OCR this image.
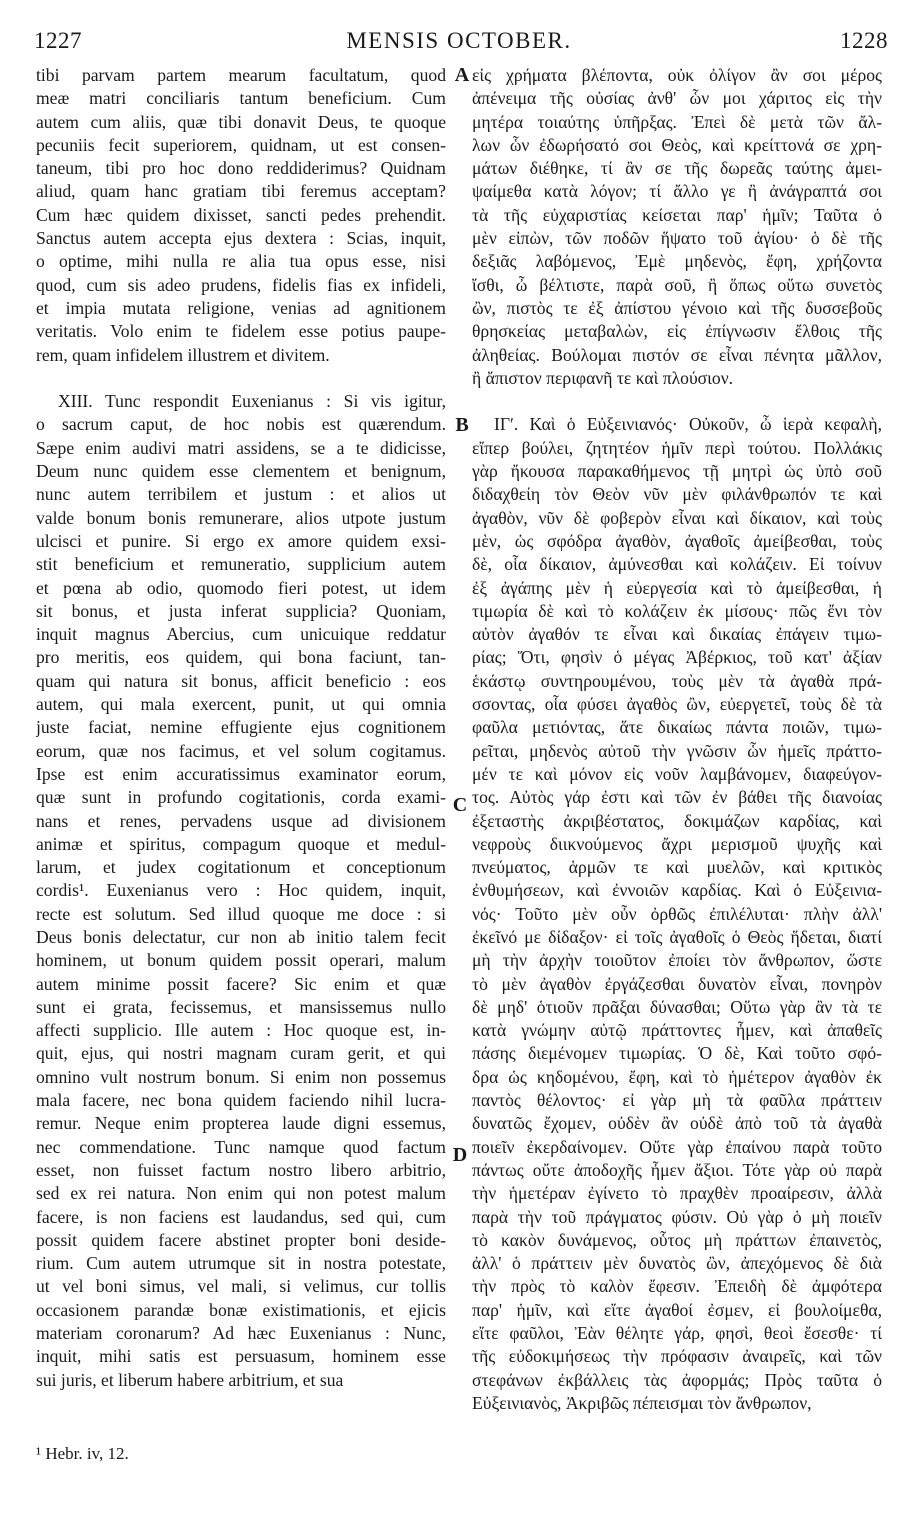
1227	MENSIS OCTOBER.	1228
tibi parvam partem mearum facultatum, quod
meæ matri conciliaris tantum beneficium. Cum
autem cum aliis, quæ tibi donavit Deus, te quoque
pecuniis fecit superiorem, quidnam, ut est consen-
taneum, tibi pro hoc dono reddiderimus? Quidnam
aliud, quam hanc gratiam tibi feremus acceptam?
Cum hæc quidem dixisset, sancti pedes prehendit.
Sanctus autem accepta ejus dextera : Scias, inquit,
o optime, mihi nulla re alia tua opus esse, nisi
quod, cum sis adeo prudens, fidelis fias ex infideli,
et impia mutata religione, venias ad agnitionem
veritatis. Volo enim te fidelem esse potius paupe-
rem, quam infidelem illustrem et divitem.
XIII. Tunc respondit Euxenianus : Si vis igitur,
o sacrum caput, de hoc nobis est quærendum.
Sæpe enim audivi matri assidens, se a te didicisse,
Deum nunc quidem esse clementem et benignum,
nunc autem terribilem et justum : et alios ut
valde bonum bonis remunerare, alios utpote justum
ulcisci et punire. Si ergo ex amore quidem exsi-
stit beneficium et remuneratio, supplicium autem
et pœna ab odio, quomodo fieri potest, ut idem
sit bonus, et justa inferat supplicia? Quoniam,
inquit magnus Abercius, cum unicuique reddatur
pro meritis, eos quidem, qui bona faciunt, tan-
quam qui natura sit bonus, afficit beneficio : eos
autem, qui mala exercent, punit, ut qui omnia
juste faciat, nemine effugiente ejus cognitionem
eorum, quæ nos facimus, et vel solum cogitamus.
Ipse est enim accuratissimus examinator eorum,
quæ sunt in profundo cogitationis, corda exami-
nans et renes, pervadens usque ad divisionem
animæ et spiritus, compagum quoque et medul-
larum, et judex cogitationum et conceptionum
cordis¹. Euxenianus vero : Hoc quidem, inquit,
recte est solutum. Sed illud quoque me doce : si
Deus bonis delectatur, cur non ab initio talem fecit
hominem, ut bonum quidem possit operari, malum
autem minime possit facere? Sic enim et quæ
sunt ei grata, fecissemus, et mansissemus nullo
affecti supplicio. Ille autem : Hoc quoque est, in-
quit, ejus, qui nostri magnam curam gerit, et qui
omnino vult nostrum bonum. Si enim non possemus
mala facere, nec bona quidem faciendo nihil lucra-
remur. Neque enim propterea laude digni essemus,
nec commendatione. Tunc namque quod factum
esset, non fuisset factum nostro libero arbitrio,
sed ex rei natura. Non enim qui non potest malum
facere, is non faciens est laudandus, sed qui, cum
possit quidem facere abstinet propter boni deside-
rium. Cum autem utrumque sit in nostra potestate,
ut vel boni simus, vel mali, si velimus, cur tollis
occasionem parandæ bonæ existimationis, et ejicis
materiam coronarum? Ad hæc Euxenianus : Nunc,
inquit, mihi satis est persuasum, hominem esse
sui juris, et liberum habere arbitrium, et sua
εἰς χρήματα βλέποντα, οὐκ ὀλίγον ἂν σοι μέρος
ἀπένειμα τῆς οὐσίας ἀνθ' ὧν μοι χάριτος εἰς τὴν
μητέρα τοιαύτης ὑπῆρξας. Ἐπεὶ δὲ μετὰ τῶν ἄλ-
λων ὧν ἐδωρήσατό σοι Θεὸς, καὶ κρείττονά σε χρη-
μάτων διέθηκε, τί ἂν σε τῆς δωρεᾶς ταύτης ἀμει-
ψαίμεθα κατὰ λόγον; τί ἄλλο γε ἢ ἀνάγραπτά σοι
τὰ τῆς εὐχαριστίας κείσεται παρ' ἡμῖν; Ταῦτα ὁ
μὲν εἰπὼν, τῶν ποδῶν ἥψατο τοῦ ἁγίου· ὁ δὲ τῆς
δεξιᾶς λαβόμενος, Ἐμὲ μηδενὸς, ἔφη, χρήζοντα
ἴσθι, ὦ βέλτιστε, παρὰ σοῦ, ἢ ὅπως οὕτω συνετὸς
ὢν, πιστὸς τε ἐξ ἀπίστου γένοιο καὶ τῆς δυσσεβοῦς
θρησκείας μεταβαλὼν, εἰς ἐπίγνωσιν ἔλθοις τῆς
ἀληθείας. Βούλομαι πιστόν σε εἶναι πένητα μᾶλλον,
ἢ ἄπιστον περιφανῆ τε καὶ πλούσιον.
ΙΓʹ. Καὶ ὁ Εὐξεινιανός· Οὐκοῦν, ὦ ἱερὰ κεφαλὴ,
εἴπερ βούλει, ζητητέον ἡμῖν περὶ τούτου. Πολλάκις
γὰρ ἤκουσα παρακαθήμενος τῇ μητρὶ ὡς ὑπὸ σοῦ
διδαχθείη τὸν Θεὸν νῦν μὲν φιλάνθρωπόν τε καὶ
ἀγαθὸν, νῦν δὲ φοβερὸν εἶναι καὶ δίκαιον, καὶ τοὺς
μὲν, ὡς σφόδρα ἀγαθὸν, ἀγαθοῖς ἀμείβεσθαι, τοὺς
δὲ, οἷα δίκαιον, ἀμύνεσθαι καὶ κολάζειν. Εἰ τοίνυν
ἐξ ἀγάπης μὲν ἡ εὐεργεσία καὶ τὸ ἀμείβεσθαι, ἡ
τιμωρία δὲ καὶ τὸ κολάζειν ἐκ μίσους· πῶς ἔνι τὸν
αὐτὸν ἀγαθόν τε εἶναι καὶ δικαίας ἐπάγειν τιμω-
ρίας; Ὅτι, φησὶν ὁ μέγας Ἀβέρκιος, τοῦ κατ' ἀξίαν
ἑκάστῳ συντηρουμένου, τοὺς μὲν τὰ ἀγαθὰ πρά-
σσοντας, οἷα φύσει ἀγαθὸς ὢν, εὐεργετεῖ, τοὺς δὲ τὰ
φαῦλα μετιόντας, ἅτε δικαίως πάντα ποιῶν, τιμω-
ρεῖται, μηδενὸς αὐτοῦ τὴν γνῶσιν ὧν ἡμεῖς πράττο-
μέν τε καὶ μόνον εἰς νοῦν λαμβάνομεν, διαφεύγον-
τος. Αὐτὸς γάρ ἐστι καὶ τῶν ἐν βάθει τῆς διανοίας
ἐξεταστὴς ἀκριβέστατος, δοκιμάζων καρδίας, καὶ
νεφροὺς διικνούμενος ἄχρι μερισμοῦ ψυχῆς καὶ
πνεύματος, ἁρμῶν τε καὶ μυελῶν, καὶ κριτικὸς
ἐνθυμήσεων, καὶ ἐννοιῶν καρδίας. Καὶ ὁ Εὐξεινια-
νός· Τοῦτο μὲν οὖν ὀρθῶς ἐπιλέλυται· πλὴν ἀλλ'
ἐκεῖνό με δίδαξον· εἰ τοῖς ἀγαθοῖς ὁ Θεὸς ἥδεται, διατί
μὴ τὴν ἀρχὴν τοιοῦτον ἐποίει τὸν ἄνθρωπον, ὥστε
τὸ μὲν ἀγαθὸν ἐργάζεσθαι δυνατὸν εἶναι, πονηρὸν
δὲ μηδ' ὁτιοῦν πρᾶξαι δύνασθαι; Οὕτω γὰρ ἂν τὰ τε
κατὰ γνώμην αὐτῷ πράττοντες ἦμεν, καὶ ἀπαθεῖς
πάσης διεμένομεν τιμωρίας. Ὁ δὲ, Καὶ τοῦτο σφό-
δρα ὡς κηδομένου, ἔφη, καὶ τὸ ἡμέτερον ἀγαθὸν ἐκ
παντὸς θέλοντος· εἰ γὰρ μὴ τὰ φαῦλα πράττειν
δυνατῶς ἔχομεν, οὐδὲν ἂν οὐδὲ ἀπὸ τοῦ τὰ ἀγαθὰ
ποιεῖν ἐκερδαίνομεν. Οὔτε γὰρ ἐπαίνου παρὰ τοῦτο
πάντως οὔτε ἀποδοχῆς ἦμεν ἄξιοι. Τότε γὰρ οὐ παρὰ
τὴν ἡμετέραν ἐγίνετο τὸ πραχθὲν προαίρεσιν, ἀλλὰ
παρὰ τὴν τοῦ πράγματος φύσιν. Οὐ γὰρ ὁ μὴ ποιεῖν
τὸ κακὸν δυνάμενος, οὗτος μὴ πράττων ἐπαινετὸς,
ἀλλ' ὁ πράττειν μὲν δυνατὸς ὢν, ἀπεχόμενος δὲ διὰ
τὴν πρὸς τὸ καλὸν ἔφεσιν. Ἐπειδὴ δὲ ἀμφότερα
παρ' ἡμῖν, καὶ εἴτε ἀγαθοί ἐσμεν, εἰ βουλοίμεθα,
εἴτε φαῦλοι, Ἐὰν θέλητε γάρ, φησὶ, θεοὶ ἔσεσθε· τί
τῆς εὐδοκιμήσεως τὴν πρόφασιν ἀναιρεῖς, καὶ τῶν
στεφάνων ἐκβάλλεις τὰς ἀφορμάς; Πρὸς ταῦτα ὁ
Εὐξεινιανὸς, Ἀκριβῶς πέπεισμαι τὸν ἄνθρωπον,
A
B
C
D
¹ Hebr. iv, 12.
